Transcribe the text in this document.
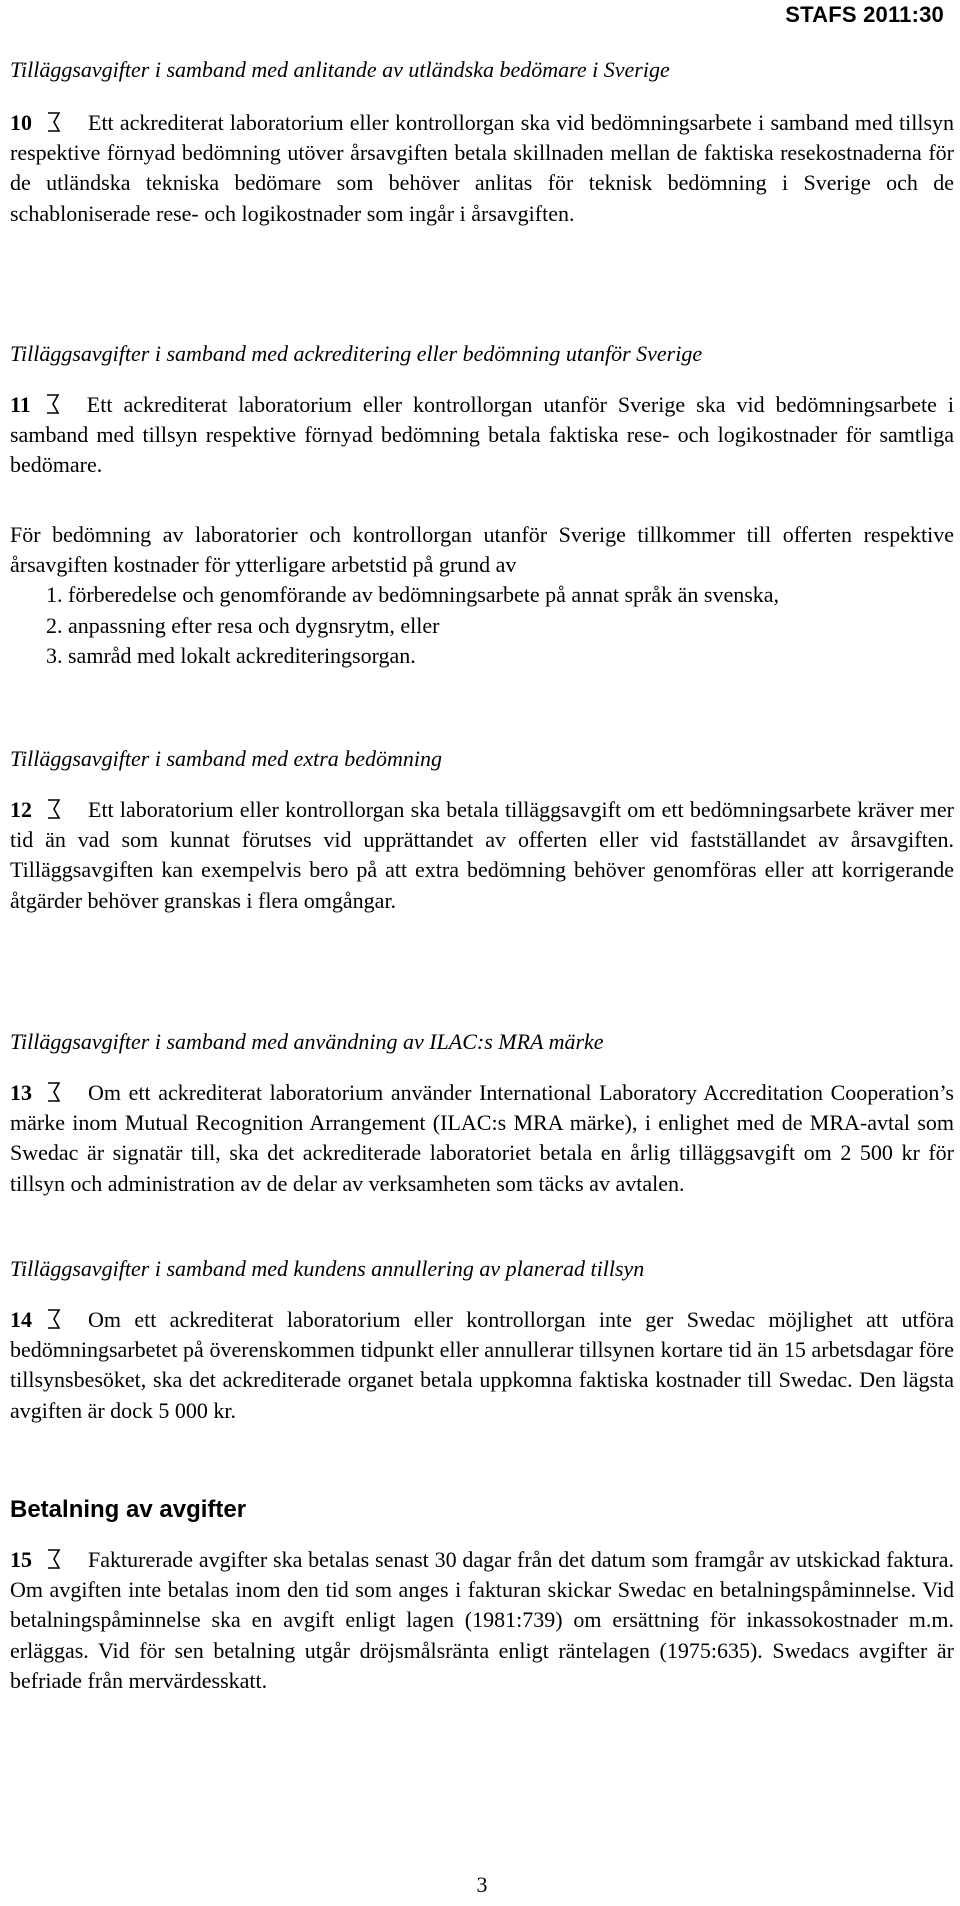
STAFS 2011:30
Tilläggsavgifter i samband med anlitande av utländska bedömare i Sverige

10	Ett ackrediterat laboratorium eller kontrollorgan ska vid bedömningsarbete i samband med tillsyn respektive förnyad bedömning utöver årsavgiften betala skillnaden mellan de faktiska resekostnaderna för de utländska tekniska bedömare som behöver anlitas för teknisk bedömning i Sverige och de schabloniserade rese- och logikostnader som ingår i årsavgiften.

Tilläggsavgifter i samband med ackreditering eller bedömning utanför Sverige

11	Ett ackrediterat laboratorium eller kontrollorgan utanför Sverige ska vid bedömningsarbete i samband med tillsyn respektive förnyad bedömning betala faktiska rese- och logikostnader för samtliga bedömare.

För bedömning av laboratorier och kontrollorgan utanför Sverige tillkommer till offerten respektive årsavgiften kostnader för ytterligare arbetstid på grund av

1. förberedelse och genomförande av bedömningsarbete på annat språk än svenska,
2. anpassning efter resa och dygnsrytm, eller
3. samråd med lokalt ackrediteringsorgan.
Tilläggsavgifter i samband med extra bedömning

12	Ett laboratorium eller kontrollorgan ska betala tilläggsavgift om ett bedömningsarbete kräver mer tid än vad som kunnat förutses vid upprättandet av offerten eller vid fastställandet av årsavgiften. Tilläggsavgiften kan exempelvis bero på att extra bedömning behöver genomföras eller att korrigerande åtgärder behöver granskas i flera omgångar.

Tilläggsavgifter i samband med användning av ILAC:s MRA märke

13	Om ett ackrediterat laboratorium använder International Laboratory Accreditation Cooperation’s märke inom Mutual Recognition Arrangement (ILAC:s MRA märke), i enlighet med de MRA-avtal som Swedac är signatär till, ska det ackrediterade laboratoriet betala en årlig tilläggsavgift om 2 500 kr för tillsyn och administration av de delar av verksamheten som täcks av avtalen.

Tilläggsavgifter i samband med kundens annullering av planerad tillsyn

14	Om ett ackrediterat laboratorium eller kontrollorgan inte ger Swedac möjlighet att utföra bedömningsarbetet på överenskommen tidpunkt eller annullerar tillsynen kortare tid än 15 arbetsdagar före tillsynsbesöket, ska det ackrediterade organet betala uppkomna faktiska kostnader till Swedac. Den lägsta avgiften är dock 5 000 kr.

Betalning av avgifter

15	Fakturerade avgifter ska betalas senast 30 dagar från det datum som framgår av utskickad faktura. Om avgiften inte betalas inom den tid som anges i fakturan skickar Swedac en betalningspåminnelse. Vid betalningspåminnelse ska en avgift enligt lagen (1981:739) om ersättning för inkassokostnader m.m. erläggas. Vid för sen betalning utgår dröjsmålsränta enligt räntelagen (1975:635). Swedacs avgifter är befriade från mervärdesskatt.

3
